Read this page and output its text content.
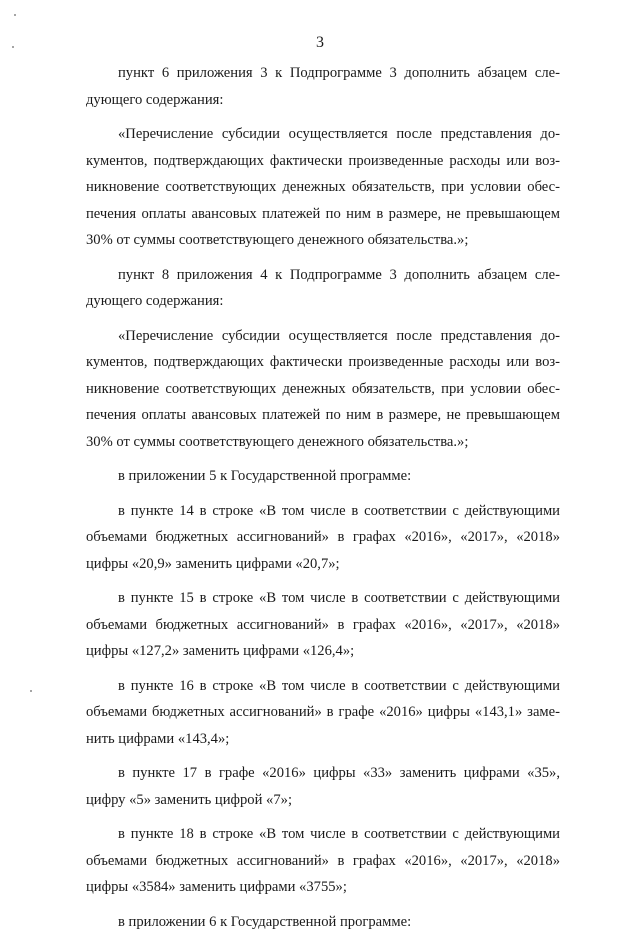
3

пункт 6 приложения 3 к Подпрограмме 3 дополнить абзацем сле-дующего содержания:

«Перечисление субсидии осуществляется после представления до-кументов, подтверждающих фактически произведенные расходы или воз-никновение соответствующих денежных обязательств, при условии обес-печения оплаты авансовых платежей по ним в размере, не превышающем 30% от суммы соответствующего денежного обязательства.»;

пункт 8 приложения 4 к Подпрограмме 3 дополнить абзацем сле-дующего содержания:

«Перечисление субсидии осуществляется после представления до-кументов, подтверждающих фактически произведенные расходы или воз-никновение соответствующих денежных обязательств, при условии обес-печения оплаты авансовых платежей по ним в размере, не превышающем 30% от суммы соответствующего денежного обязательства.»;

в приложении 5 к Государственной программе:

в пункте 14 в строке «В том числе в соответствии с действующими объемами бюджетных ассигнований» в графах «2016», «2017», «2018» цифры «20,9» заменить цифрами «20,7»;

в пункте 15 в строке «В том числе в соответствии с действующими объемами бюджетных ассигнований» в графах «2016», «2017», «2018» цифры «127,2» заменить цифрами «126,4»;

в пункте 16 в строке «В том числе в соответствии с действующими объемами бюджетных ассигнований» в графе «2016» цифры «143,1» заме-нить цифрами «143,4»;

в пункте 17 в графе «2016» цифры «33» заменить цифрами «35», цифру «5» заменить цифрой «7»;

в пункте 18 в строке «В том числе в соответствии с действующими объемами бюджетных ассигнований» в графах «2016», «2017», «2018» цифры «3584» заменить цифрами «3755»;

в приложении 6 к Государственной программе:
